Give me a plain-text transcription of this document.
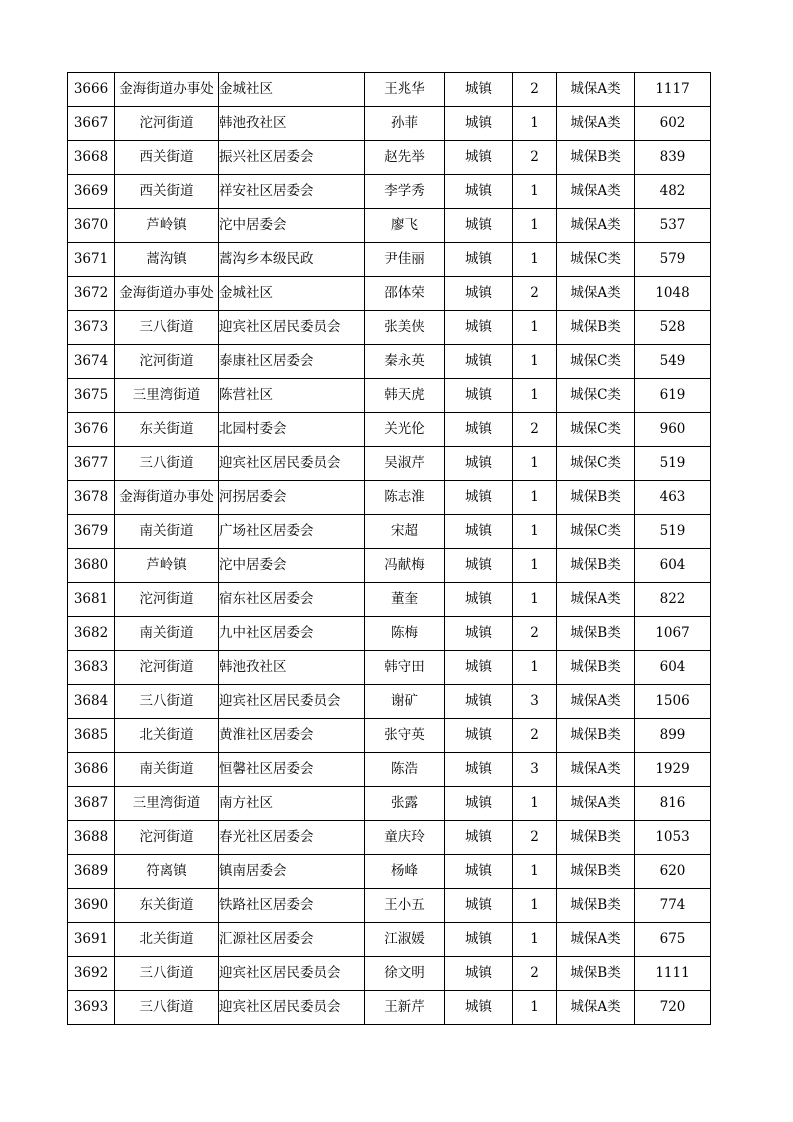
3666	金海街道办事处	金城社区	王兆华	城镇	2	城保A类	1117
3667	沱河街道	韩池孜社区	孙菲	城镇	1	城保A类	602
3668	西关街道	振兴社区居委会	赵先举	城镇	2	城保B类	839
3669	西关街道	祥安社区居委会	李学秀	城镇	1	城保A类	482
3670	芦岭镇	沱中居委会	廖飞	城镇	1	城保A类	537
3671	蒿沟镇	蒿沟乡本级民政	尹佳丽	城镇	1	城保C类	579
3672	金海街道办事处	金城社区	邵体荣	城镇	2	城保A类	1048
3673	三八街道	迎宾社区居民委员会	张美侠	城镇	1	城保B类	528
3674	沱河街道	泰康社区居委会	秦永英	城镇	1	城保C类	549
3675	三里湾街道	陈营社区	韩天虎	城镇	1	城保C类	619
3676	东关街道	北园村委会	关光伦	城镇	2	城保C类	960
3677	三八街道	迎宾社区居民委员会	吴淑芹	城镇	1	城保C类	519
3678	金海街道办事处	河拐居委会	陈志淮	城镇	1	城保B类	463
3679	南关街道	广场社区居委会	宋超	城镇	1	城保C类	519
3680	芦岭镇	沱中居委会	冯献梅	城镇	1	城保B类	604
3681	沱河街道	宿东社区居委会	董奎	城镇	1	城保A类	822
3682	南关街道	九中社区居委会	陈梅	城镇	2	城保B类	1067
3683	沱河街道	韩池孜社区	韩守田	城镇	1	城保B类	604
3684	三八街道	迎宾社区居民委员会	谢矿	城镇	3	城保A类	1506
3685	北关街道	黄淮社区居委会	张守英	城镇	2	城保B类	899
3686	南关街道	恒馨社区居委会	陈浩	城镇	3	城保A类	1929
3687	三里湾街道	南方社区	张露	城镇	1	城保A类	816
3688	沱河街道	春光社区居委会	童庆玲	城镇	2	城保B类	1053
3689	符离镇	镇南居委会	杨峰	城镇	1	城保B类	620
3690	东关街道	铁路社区居委会	王小五	城镇	1	城保B类	774
3691	北关街道	汇源社区居委会	江淑媛	城镇	1	城保A类	675
3692	三八街道	迎宾社区居民委员会	徐文明	城镇	2	城保B类	1111
3693	三八街道	迎宾社区居民委员会	王新芹	城镇	1	城保A类	720
